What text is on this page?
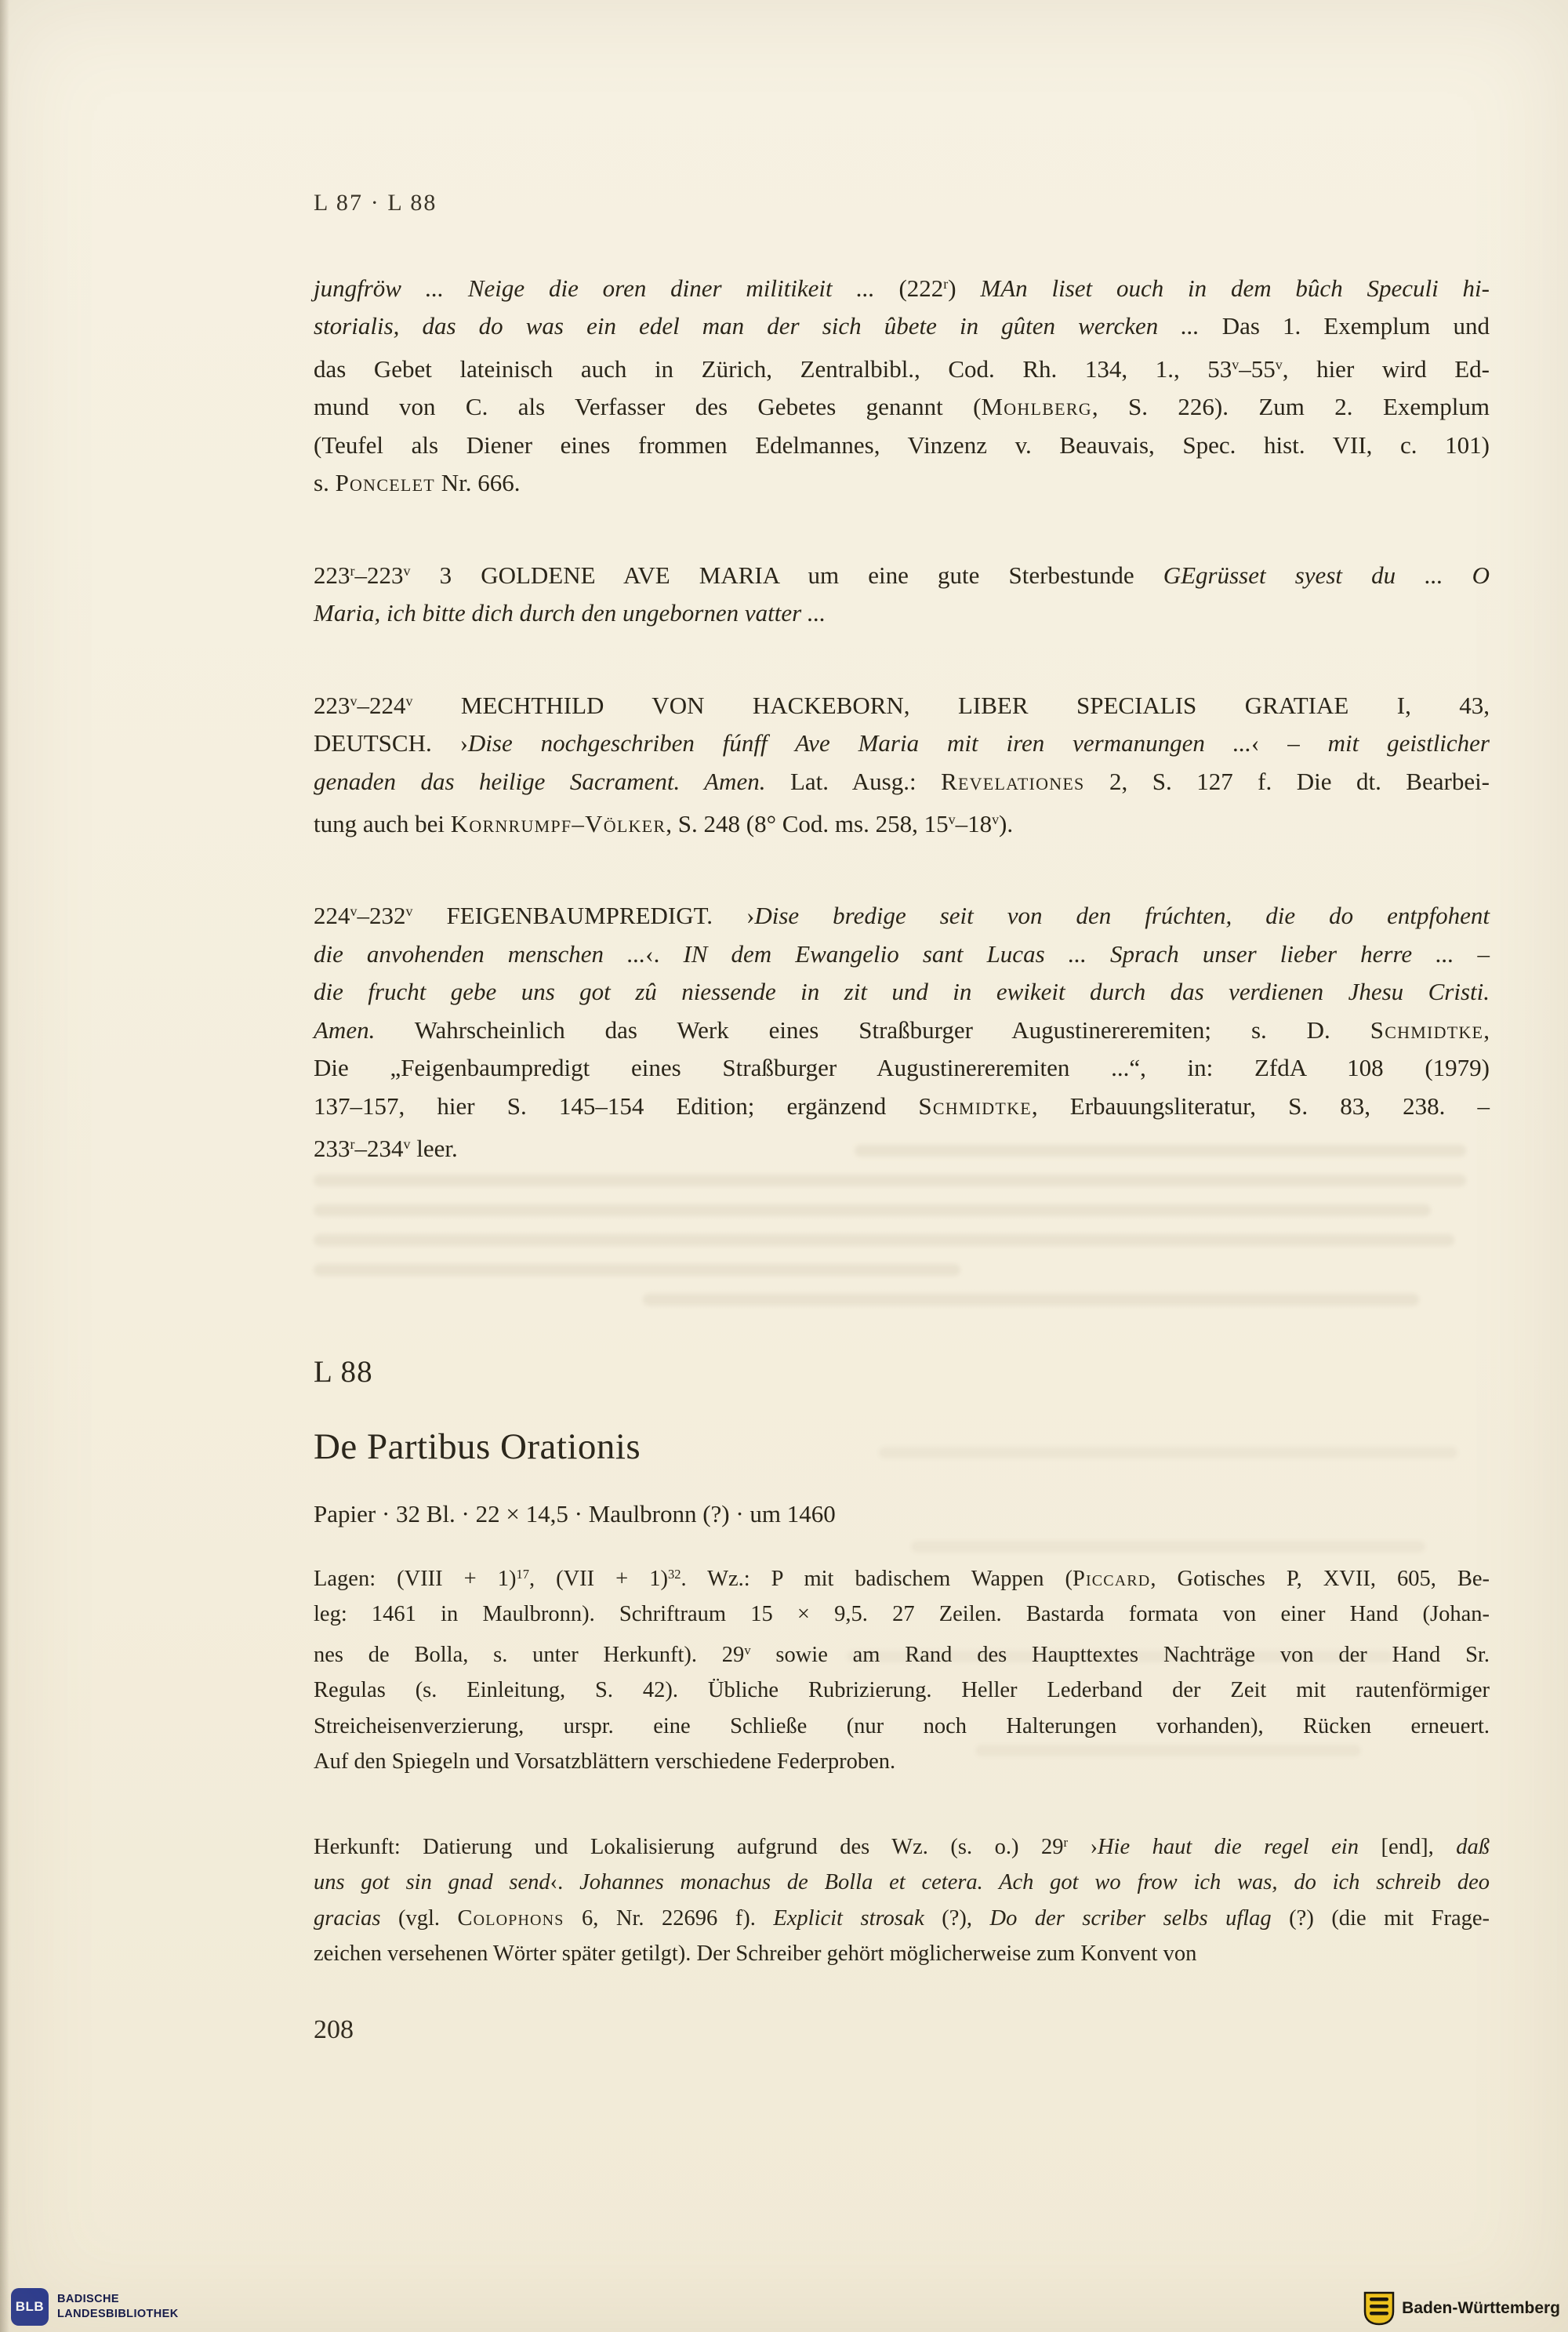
L 87 · L 88
jungfröw ... Neige die oren diner militikeit ... (222$^r$) MAn liset ouch in dem bûch Speculi hi-
storialis, das do was ein edel man der sich ûbete in gûten wercken ... Das 1. Exemplum und
das Gebet lateinisch auch in Zürich, Zentralbibl., Cod. Rh. 134, 1., 53$^v$–55$^v$, hier wird Ed-
mund von C. als Verfasser des Gebetes genannt (Mohlberg, S. 226). Zum 2. Exemplum
(Teufel als Diener eines frommen Edelmannes, Vinzenz v. Beauvais, Spec. hist. VII, c. 101)
s. Poncelet Nr. 666.
223$^r$–223$^v$ 3 GOLDENE AVE MARIA um eine gute Sterbestunde GEgrüsset syest du ... O
Maria, ich bitte dich durch den ungebornen vatter ...
223$^v$–224$^v$ MECHTHILD VON HACKEBORN, LIBER SPECIALIS GRATIAE I, 43,
DEUTSCH. ›Dise nochgeschriben fúnff Ave Maria mit iren vermanungen ...‹ – mit geistlicher
genaden das heilige Sacrament. Amen. Lat. Ausg.: Revelationes 2, S. 127 f. Die dt. Bearbei-
tung auch bei Kornrumpf–Völker, S. 248 (8° Cod. ms. 258, 15$^v$–18$^v$).
224$^v$–232$^v$ FEIGENBAUMPREDIGT. ›Dise bredige seit von den frúchten, die do entpfohent
die anvohenden menschen ...‹. IN dem Ewangelio sant Lucas ... Sprach unser lieber herre ... –
die frucht gebe uns got zû niessende in zit und in ewikeit durch das verdienen Jhesu Cristi.
Amen. Wahrscheinlich das Werk eines Straßburger Augustinereremiten; s. D. Schmidtke,
Die „Feigenbaumpredigt eines Straßburger Augustinereremiten ...“, in: ZfdA 108 (1979)
137–157, hier S. 145–154 Edition; ergänzend Schmidtke, Erbauungsliteratur, S. 83, 238. –
233$^r$–234$^v$ leer.
L 88
De Partibus Orationis
Papier · 32 Bl. · 22 × 14,5 · Maulbronn (?) · um 1460
Lagen: (VIII + 1)$^{17}$, (VII + 1)$^{32}$. Wz.: P mit badischem Wappen (Piccard, Gotisches P, XVII, 605, Be-
leg: 1461 in Maulbronn). Schriftraum 15 × 9,5. 27 Zeilen. Bastarda formata von einer Hand (Johan-
nes de Bolla, s. unter Herkunft). 29$^v$ sowie am Rand des Haupttextes Nachträge von der Hand Sr.
Regulas (s. Einleitung, S. 42). Übliche Rubrizierung. Heller Lederband der Zeit mit rautenförmiger
Streicheisenverzierung, urspr. eine Schließe (nur noch Halterungen vorhanden), Rücken erneuert.
Auf den Spiegeln und Vorsatzblättern verschiedene Federproben.
Herkunft: Datierung und Lokalisierung aufgrund des Wz. (s. o.) 29$^r$ ›Hie haut die regel ein [end], daß
uns got sin gnad send‹. Johannes monachus de Bolla et cetera. Ach got wo frow ich was, do ich schreib deo
gracias (vgl. Colophons 6, Nr. 22696 f). Explicit strosak (?), Do der scriber selbs uflag (?) (die mit Frage-
zeichen versehenen Wörter später getilgt). Der Schreiber gehört möglicherweise zum Konvent von
208
BLB	BADISCHE
LANDESBIBLIOTHEK	Baden-Württemberg
